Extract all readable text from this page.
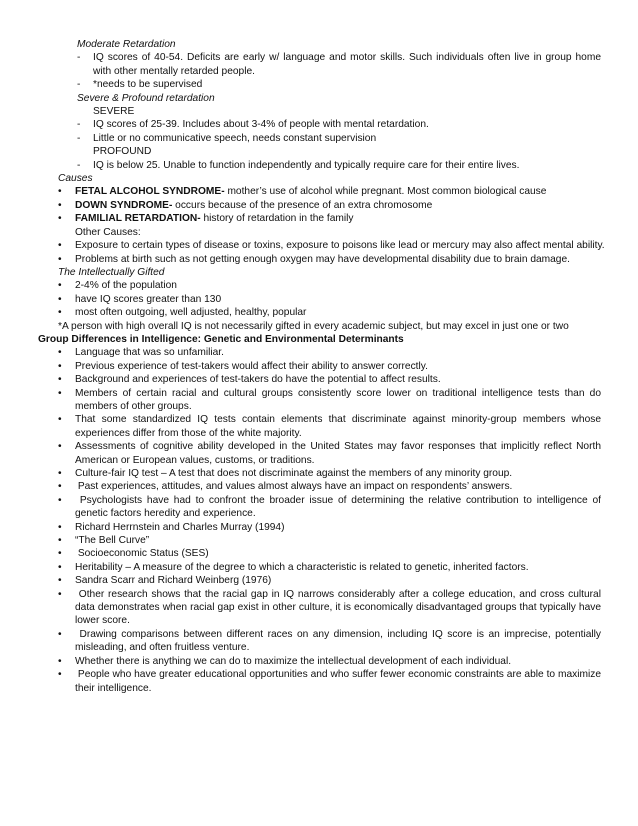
Moderate Retardation
- IQ scores of 40-54. Deficits are early w/ language and motor skills. Such individuals often live in group home with other mentally retarded people.
- *needs to be supervised
Severe & Profound retardation
SEVERE
- IQ scores of 25-39. Includes about 3-4% of people with mental retardation.
- Little or no communicative speech, needs constant supervision
PROFOUND
- IQ is below 25. Unable to function independently and typically require care for their entire lives.
Causes
• FETAL ALCOHOL SYNDROME- mother’s use of alcohol while pregnant. Most common biological cause
• DOWN SYNDROME- occurs because of the presence of an extra chromosome
• FAMILIAL RETARDATION- history of retardation in the family
Other Causes:
• Exposure to certain types of disease or toxins, exposure to poisons like lead or mercury may also affect mental ability.
• Problems at birth such as not getting enough oxygen may have developmental disability due to brain damage.
The Intellectually Gifted
• 2-4% of the population
• have IQ scores greater than 130
• most often outgoing, well adjusted, healthy, popular
*A person with high overall IQ is not necessarily gifted in every academic subject, but may excel in just one or two
Group Differences in Intelligence: Genetic and Environmental Determinants
• Language that was so unfamiliar.
• Previous experience of test-takers would affect their ability to answer correctly.
• Background and experiences of test-takers do have the potential to affect results.
• Members of certain racial and cultural groups consistently score lower on traditional intelligence tests than do members of other groups.
• That some standardized IQ tests contain elements that discriminate against minority-group members whose experiences differ from those of the white majority.
• Assessments of cognitive ability developed in the United States may favor responses that implicitly reflect North American or European values, customs, or traditions.
• Culture-fair IQ test – A test that does not discriminate against the members of any minority group.
• Past experiences, attitudes, and values almost always have an impact on respondents’ answers.
• Psychologists have had to confront the broader issue of determining the relative contribution to intelligence of genetic factors heredity and experience.
• Richard Herrnstein and Charles Murray (1994)
• “The Bell Curve”
• Socioeconomic Status (SES)
• Heritability – A measure of the degree to which a characteristic is related to genetic, inherited factors.
• Sandra Scarr and Richard Weinberg (1976)
• Other research shows that the racial gap in IQ narrows considerably after a college education, and cross cultural data demonstrates when racial gap exist in other culture, it is economically disadvantaged groups that typically have lower score.
• Drawing comparisons between different races on any dimension, including IQ score is an imprecise, potentially misleading, and often fruitless venture.
• Whether there is anything we can do to maximize the intellectual development of each individual.
• People who have greater educational opportunities and who suffer fewer economic constraints are able to maximize their intelligence.
